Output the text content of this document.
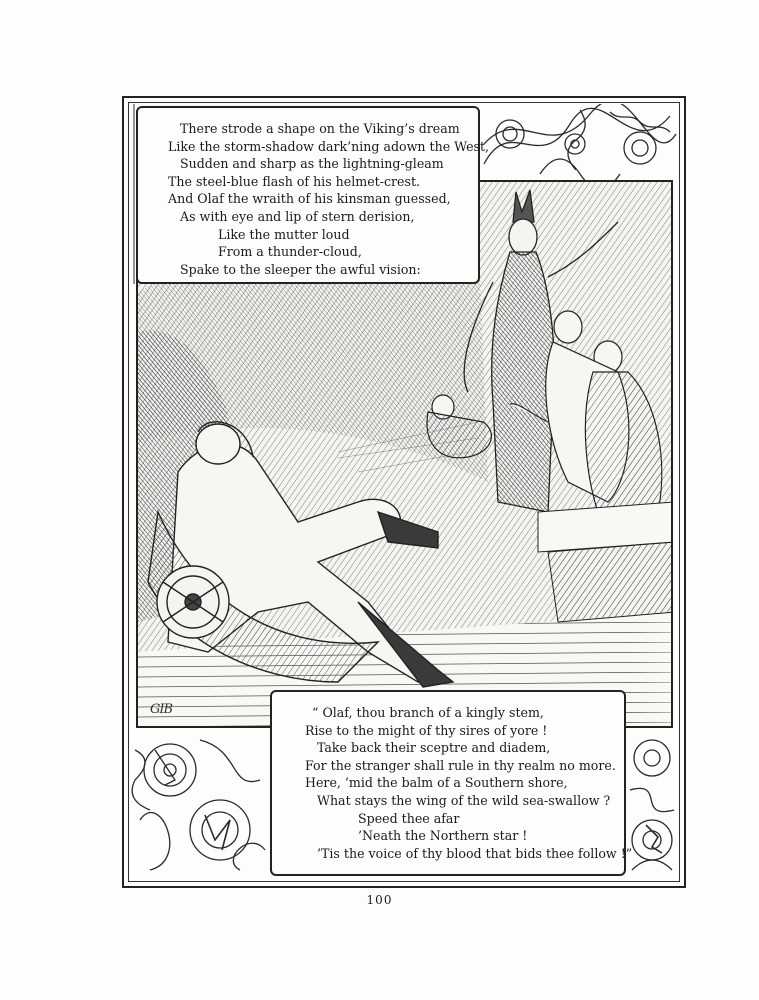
GIB
There strode a shape on the Viking’s dream
Like the storm-shadow dark’ning adown the West,
Sudden and sharp as the lightning-gleam
The steel-blue flash of his helmet-crest.
And Olaf the wraith of his kinsman guessed,
As with eye and lip of stern derision,
Like the mutter loud
From a thunder-cloud,
Spake to the sleeper the awful vision:
“ Olaf, thou branch of a kingly stem,
Rise to the might of thy sires of yore !
Take back their sceptre and diadem,
For the stranger shall rule in thy realm no more.
Here, ’mid the balm of a Southern shore,
What stays the wing of the wild sea-swallow ?
Speed thee afar
’Neath the Northern star !
’Tis the voice of thy blood that bids thee follow !”
100
